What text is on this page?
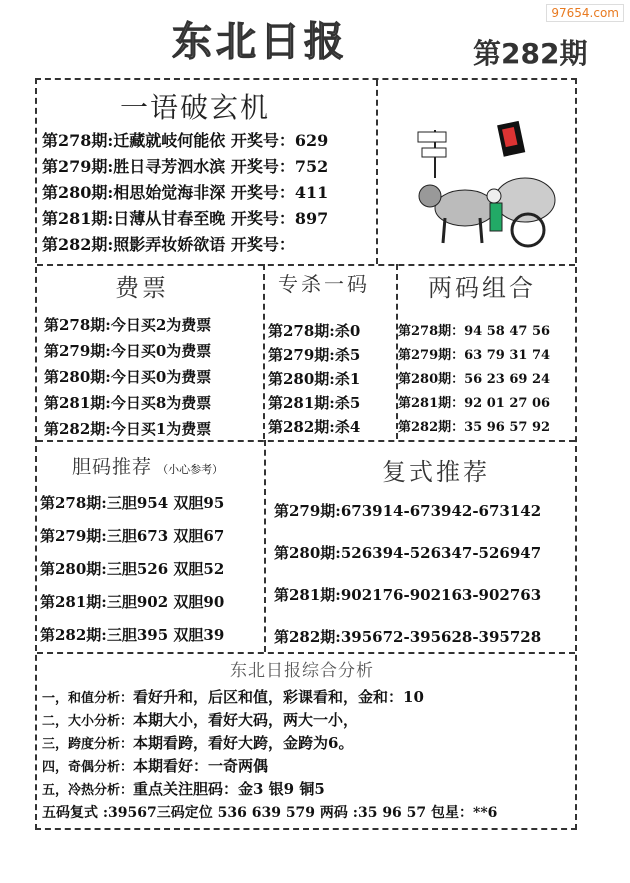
97654.com
东北日报	第282期
一语破玄机
第278期:迁藏就岐何能依 开奖号：629
第279期:胜日寻芳泗水滨 开奖号：752
第280期:相思始觉海非深 开奖号：411
第281期:日薄从甘春至晚 开奖号：897
第282期:照影弄妆娇欲语 开奖号：
费票	专杀一码 两码组合
第278期:今日买2为费票
第279期:今日买0为费票
第280期:今日买0为费票
第281期:今日买8为费票
第282期:今日买1为费票
第278期:杀0
第279期:杀5
第280期:杀1
第281期:杀5
第282期:杀4
第278期：94 58 47 56
第279期：63 79 31 74
第280期：56 23 69 24
第281期：92 01 27 06
第282期：35 96 57 92
胆码推荐 （小心参考）	复式推荐
第278期:三胆954 双胆95
第279期:三胆673 双胆67
第280期:三胆526 双胆52
第281期:三胆902 双胆90
第282期:三胆395 双胆39
第279期:673914-673942-673142
第280期:526394-526347-526947
第281期:902176-902163-902763
第282期:395672-395628-395728
东北日报综合分析
一，和值分析：看好升和，后区和值，彩课看和，金和：10
二，大小分析：本期大小，看好大码，两大一小，
三，跨度分析：本期看跨，看好大跨，金跨为6。
四，奇偶分析：本期看好：一奇两偶
五，冷热分析：重点关注胆码：金3 银9 铜5
五码复式 :39567三码定位 536 639 579 两码 :35 96 57 包星：**6
